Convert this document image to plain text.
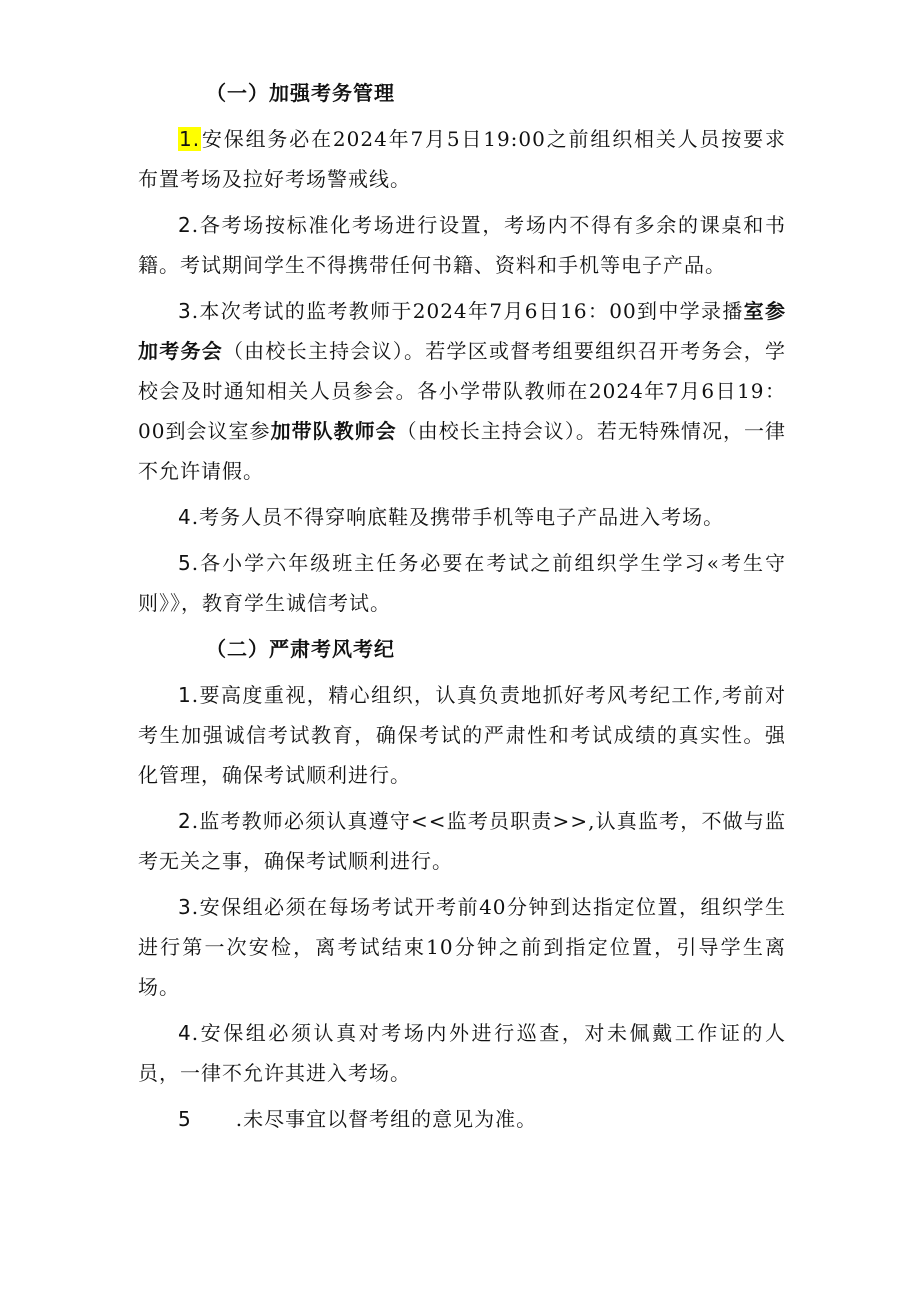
（一）加强考务管理

1.安保组务必在2024年7月5日19:00之前组织相关人员按要求布置考场及拉好考场警戒线。

2.各考场按标准化考场进行设置，考场内不得有多余的课桌和书籍。考试期间学生不得携带任何书籍、资料和手机等电子产品。

3.本次考试的监考教师于2024年7月6日16：00到中学录播室参加考务会（由校长主持会议）。若学区或督考组要组织召开考务会，学校会及时通知相关人员参会。各小学带队教师在2024年7月6日19：00到会议室参加带队教师会（由校长主持会议）。若无特殊情况，一律不允许请假。

4.考务人员不得穿响底鞋及携带手机等电子产品进入考场。

5.各小学六年级班主任务必要在考试之前组织学生学习«考生守则》》，教育学生诚信考试。

（二）严肃考风考纪

1.要高度重视，精心组织，认真负责地抓好考风考纪工作,考前对考生加强诚信考试教育，确保考试的严肃性和考试成绩的真实性。强化管理，确保考试顺利进行。

2.监考教师必须认真遵守<<监考员职责>>,认真监考，不做与监考无关之事，确保考试顺利进行。

3.安保组必须在每场考试开考前40分钟到达指定位置，组织学生进行第一次安检，离考试结束10分钟之前到指定位置，引导学生离场。

4.安保组必须认真对考场内外进行巡查，对未佩戴工作证的人员，一律不允许其进入考场。

5 .未尽事宜以督考组的意见为准。
